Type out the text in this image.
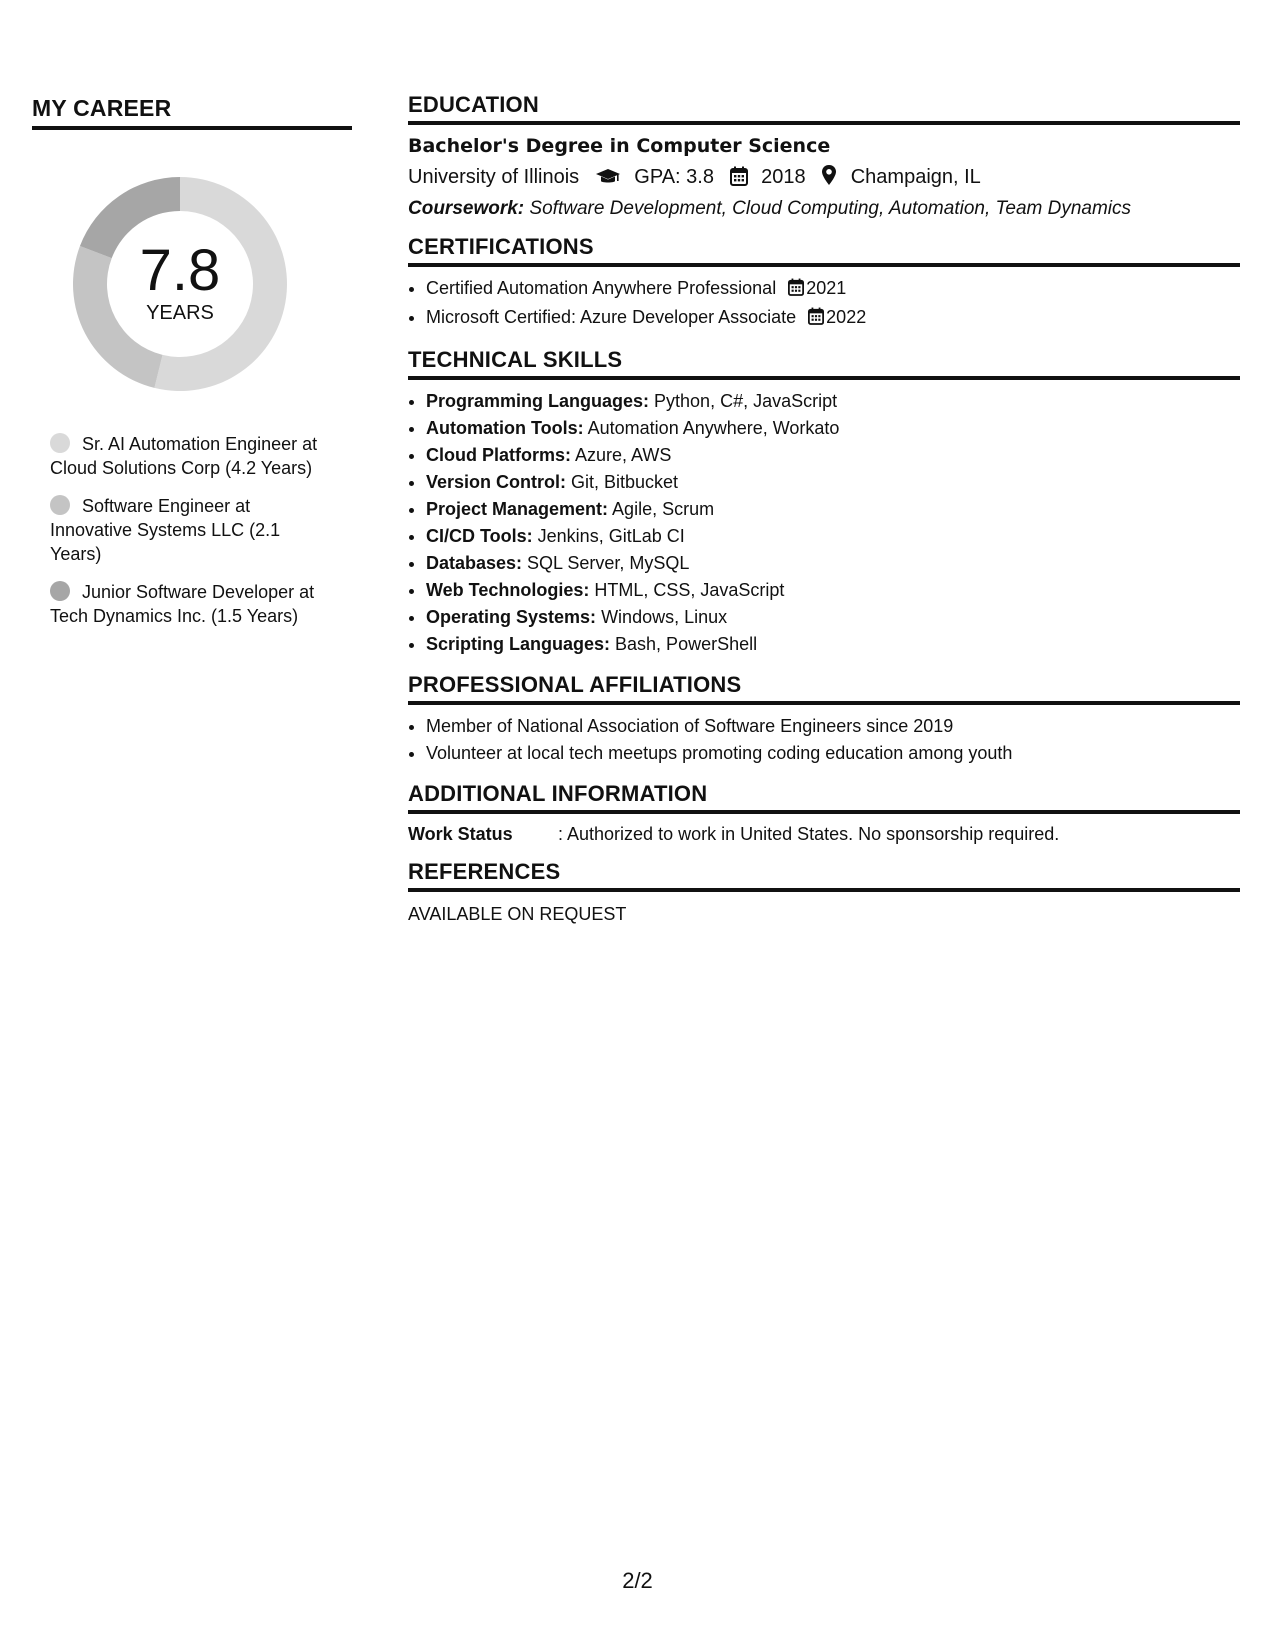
MY CAREER
7.8
YEARS
Sr. AI Automation Engineer at Cloud Solutions Corp (4.2 Years)
Software Engineer at Innovative Systems LLC (2.1 Years)
Junior Software Developer at Tech Dynamics Inc. (1.5 Years)
EDUCATION
Bachelor's Degree in Computer Science
University of Illinois	GPA: 3.8 2018 Champaign, IL
Coursework: Software Development, Cloud Computing, Automation, Team Dynamics
CERTIFICATIONS
• Certified Automation Anywhere Professional 2021
• Microsoft Certified: Azure Developer Associate 2022
TECHNICAL SKILLS
• Programming Languages: Python, C#, JavaScript
• Automation Tools: Automation Anywhere, Workato
• Cloud Platforms: Azure, AWS
• Version Control: Git, Bitbucket
• Project Management: Agile, Scrum
• CI/CD Tools: Jenkins, GitLab CI
• Databases: SQL Server, MySQL
• Web Technologies: HTML, CSS, JavaScript
• Operating Systems: Windows, Linux
• Scripting Languages: Bash, PowerShell
PROFESSIONAL AFFILIATIONS
• Member of National Association of Software Engineers since 2019
• Volunteer at local tech meetups promoting coding education among youth
ADDITIONAL INFORMATION
Work Status	: Authorized to work in United States. No sponsorship required.
REFERENCES
AVAILABLE ON REQUEST
2/2
